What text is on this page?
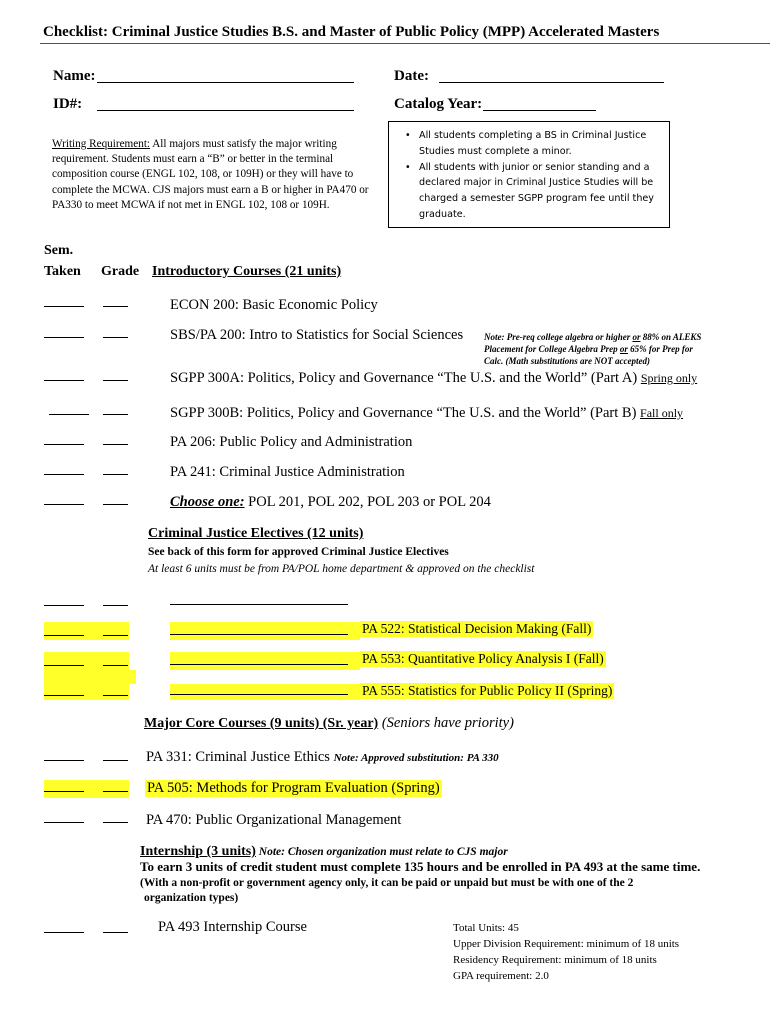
Checklist: Criminal Justice Studies B.S. and Master of Public Policy (MPP) Accelerated Masters
Name:
ID#:
Date:
Catalog Year:
Writing Requirement: All majors must satisfy the major writing requirement. Students must earn a “B” or better in the terminal composition course (ENGL 102, 108, or 109H) or they will have to complete the MCWA. CJS majors must earn a B or higher in PA470 or PA330 to meet MCWA if not met in ENGL 102, 108 or 109H.
• All students completing a BS in Criminal Justice Studies must complete a minor.
• All students with junior or senior standing and a declared major in Criminal Justice Studies will be charged a semester SGPP program fee until they graduate.
Sem.
Taken Grade Introductory Courses (21 units)
ECON 200: Basic Economic Policy
SBS/PA 200: Intro to Statistics for Social Sciences Note: Pre-req college algebra or higher or 88% on ALEKS
Placement for College Algebra Prep or 65% for Prep for
Calc. (Math substitutions are NOT accepted)
SGPP 300A: Politics, Policy and Governance “The U.S. and the World” (Part A) Spring only
SGPP 300B: Politics, Policy and Governance “The U.S. and the World” (Part B) Fall only
PA 206: Public Policy and Administration
PA 241: Criminal Justice Administration
Choose one: POL 201, POL 202, POL 203 or POL 204
Criminal Justice Electives (12 units)
See back of this form for approved Criminal Justice Electives
At least 6 units must be from PA/POL home department & approved on the checklist
PA 522: Statistical Decision Making (Fall)
PA 553: Quantitative Policy Analysis I (Fall)
PA 555: Statistics for Public Policy II (Spring)
Major Core Courses (9 units) (Sr. year) (Seniors have priority)
PA 331: Criminal Justice Ethics Note: Approved substitution: PA 330
PA 505: Methods for Program Evaluation (Spring)
PA 470: Public Organizational Management
Internship (3 units) Note: Chosen organization must relate to CJS major
To earn 3 units of credit student must complete 135 hours and be enrolled in PA 493 at the same time.
(With a non-profit or government agency only, it can be paid or unpaid but must be with one of the 2
organization types)
PA 493 Internship Course	Total Units: 45
Upper Division Requirement: minimum of 18 units
Residency Requirement: minimum of 18 units
GPA requirement: 2.0
